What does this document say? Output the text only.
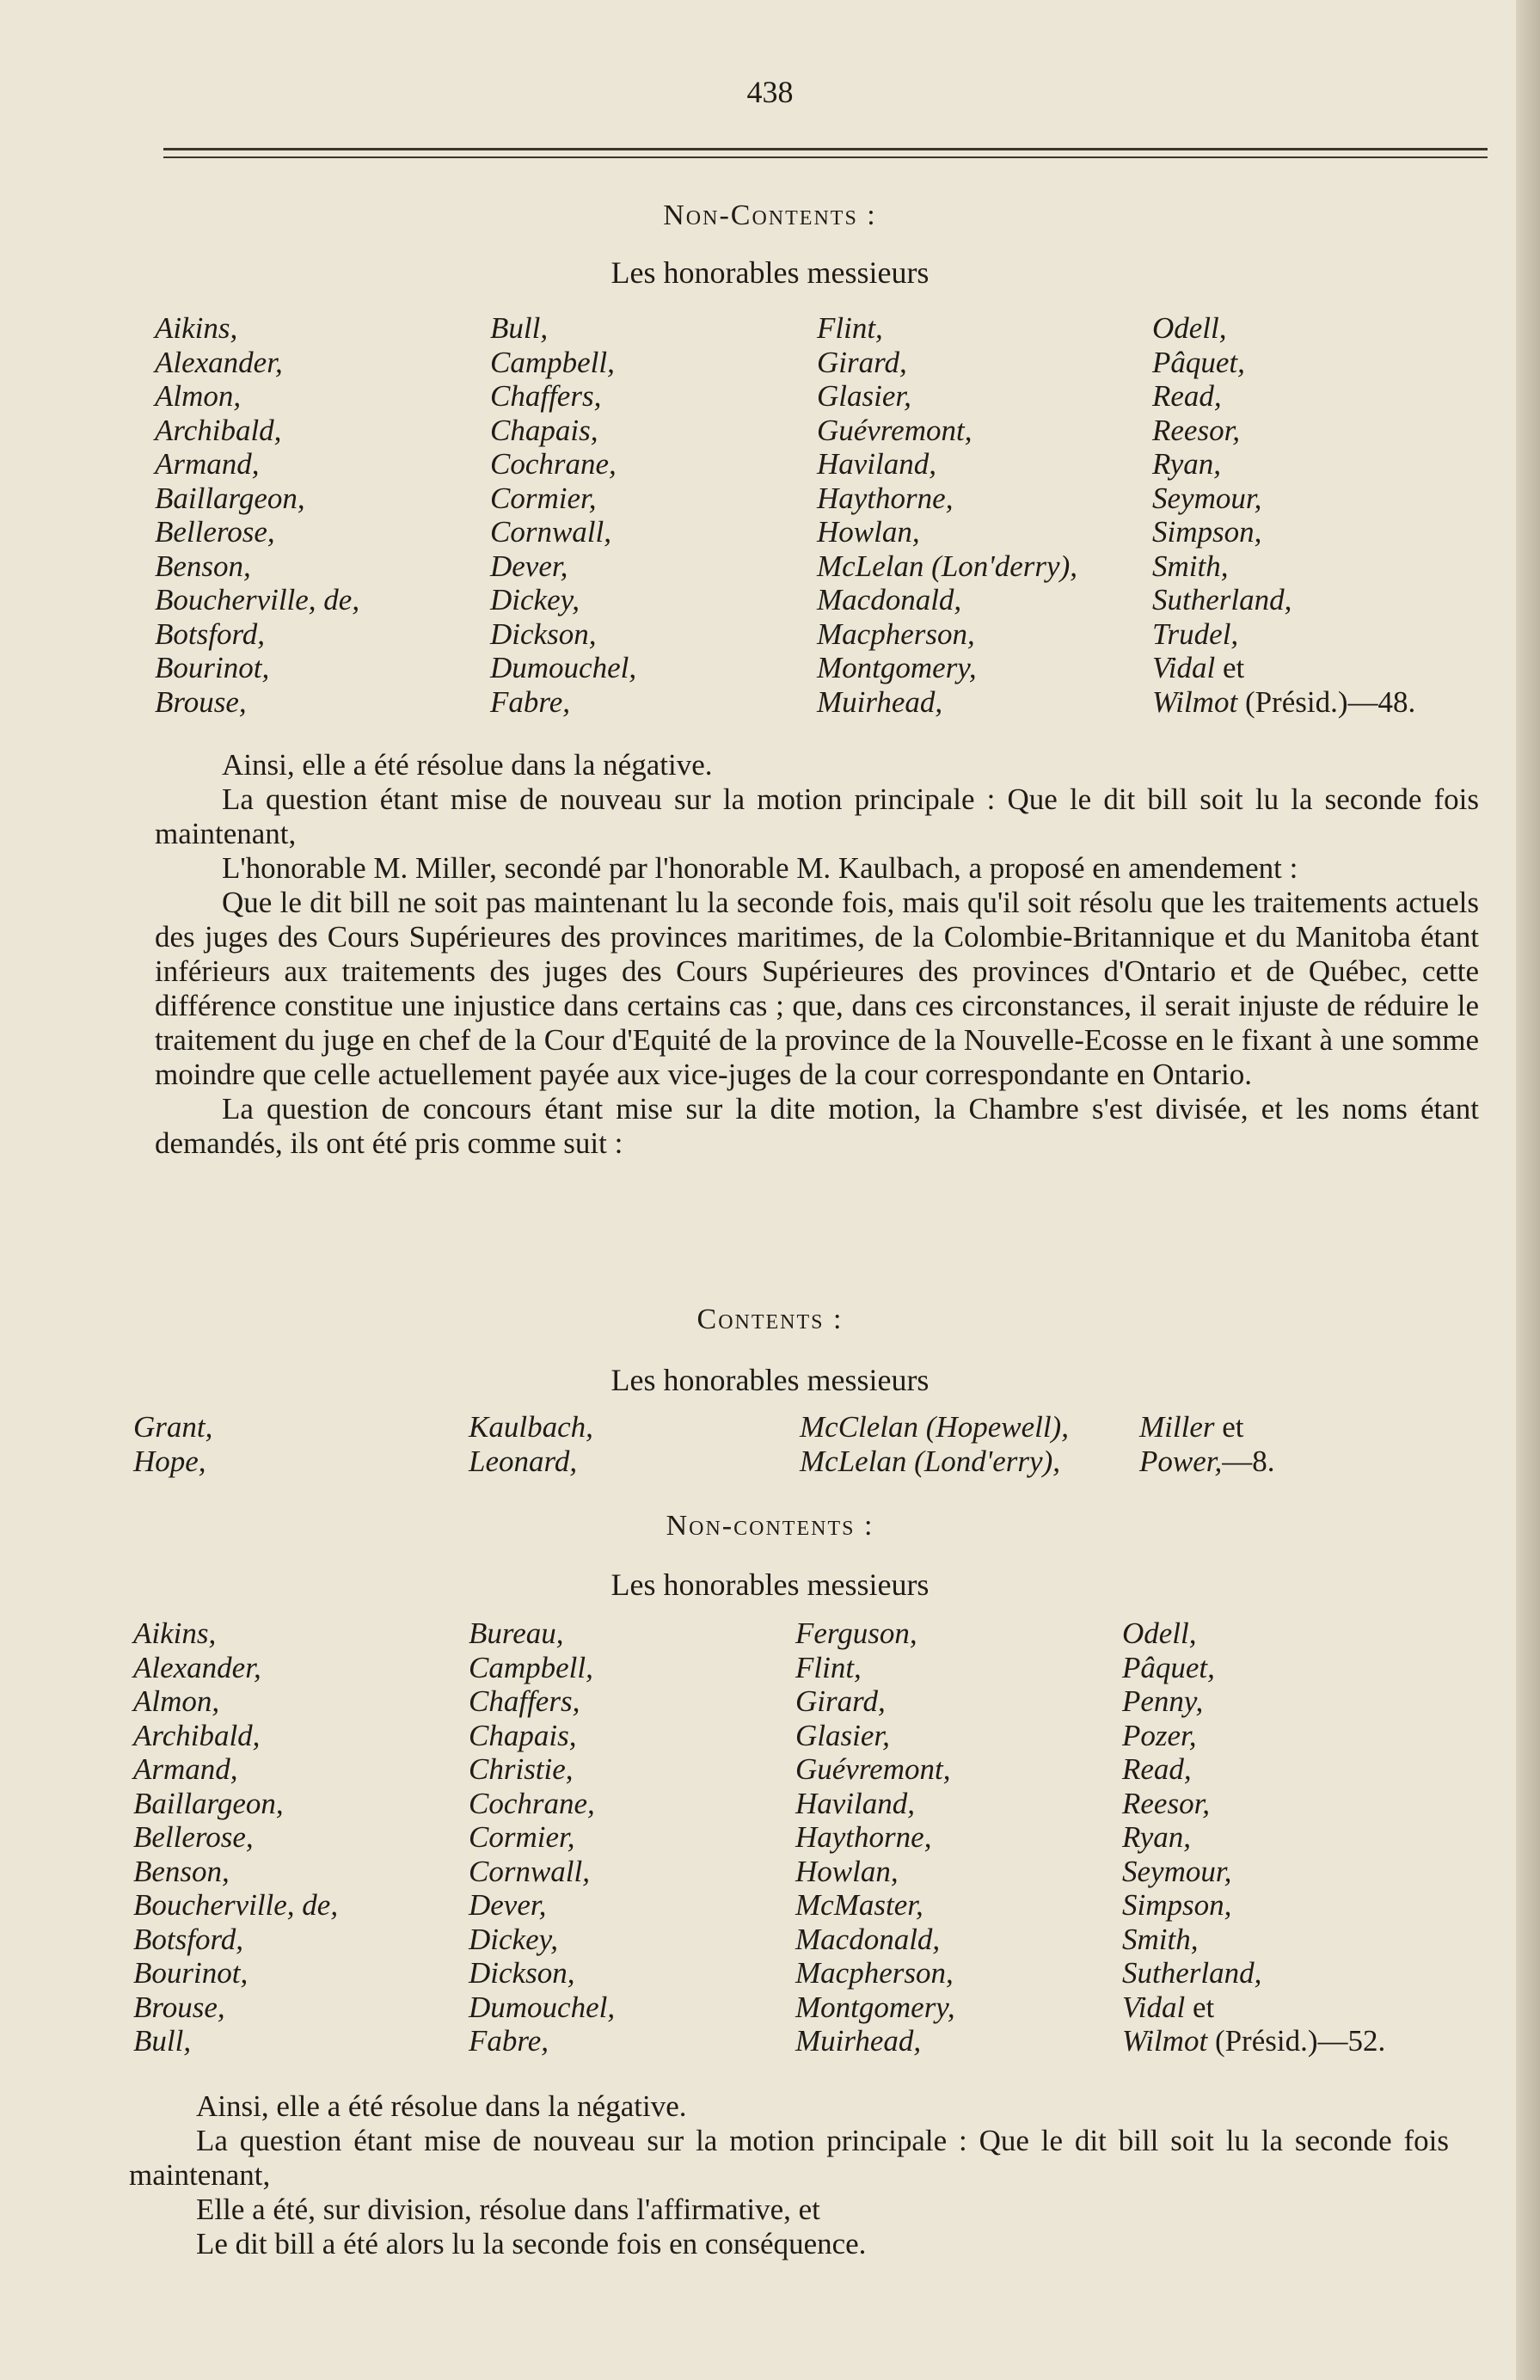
438
Non-Contents :
Les honorables messieurs
Aikins,
Alexander,
Almon,
Archibald,
Armand,
Baillargeon,
Bellerose,
Benson,
Boucherville, de,
Botsford,
Bourinot,
Brouse,
Bull,
Campbell,
Chaffers,
Chapais,
Cochrane,
Cormier,
Cornwall,
Dever,
Dickey,
Dickson,
Dumouchel,
Fabre,
Flint,
Girard,
Glasier,
Guévremont,
Haviland,
Haythorne,
Howlan,
McLelan (Lon'derry),
Macdonald,
Macpherson,
Montgomery,
Muirhead,
Odell,
Pâquet,
Read,
Reesor,
Ryan,
Seymour,
Simpson,
Smith,
Sutherland,
Trudel,
Vidal et
Wilmot (Présid.)—48.

Ainsi, elle a été résolue dans la négative.

La question étant mise de nouveau sur la motion principale : Que le dit bill soit lu la seconde fois maintenant,

L'honorable M. Miller, secondé par l'honorable M. Kaulbach, a proposé en amendement :

Que le dit bill ne soit pas maintenant lu la seconde fois, mais qu'il soit résolu que les traitements actuels des juges des Cours Supérieures des provinces maritimes, de la Colombie-Britannique et du Manitoba étant inférieurs aux traitements des juges des Cours Supérieures des provinces d'Ontario et de Québec, cette différence constitue une injustice dans certains cas ; que, dans ces circonstances, il serait injuste de réduire le traitement du juge en chef de la Cour d'Equité de la province de la Nouvelle-Ecosse en le fixant à une somme moindre que celle actuellement payée aux vice-juges de la cour correspondante en Ontario.

La question de concours étant mise sur la dite motion, la Chambre s'est divisée, et les noms étant demandés, ils ont été pris comme suit :

Contents :
Les honorables messieurs
Grant,
Hope,
Kaulbach,
Leonard,
McClelan (Hopewell),
McLelan (Lond'erry),
Miller et
Power,—8.
Non-contents :
Les honorables messieurs
Aikins,
Alexander,
Almon,
Archibald,
Armand,
Baillargeon,
Bellerose,
Benson,
Boucherville, de,
Botsford,
Bourinot,
Brouse,
Bull,
Bureau,
Campbell,
Chaffers,
Chapais,
Christie,
Cochrane,
Cormier,
Cornwall,
Dever,
Dickey,
Dickson,
Dumouchel,
Fabre,
Ferguson,
Flint,
Girard,
Glasier,
Guévremont,
Haviland,
Haythorne,
Howlan,
McMaster,
Macdonald,
Macpherson,
Montgomery,
Muirhead,
Odell,
Pâquet,
Penny,
Pozer,
Read,
Reesor,
Ryan,
Seymour,
Simpson,
Smith,
Sutherland,
Vidal et
Wilmot (Présid.)—52.

Ainsi, elle a été résolue dans la négative.

La question étant mise de nouveau sur la motion principale : Que le dit bill soit lu la seconde fois maintenant,

Elle a été, sur division, résolue dans l'affirmative, et

Le dit bill a été alors lu la seconde fois en conséquence.
